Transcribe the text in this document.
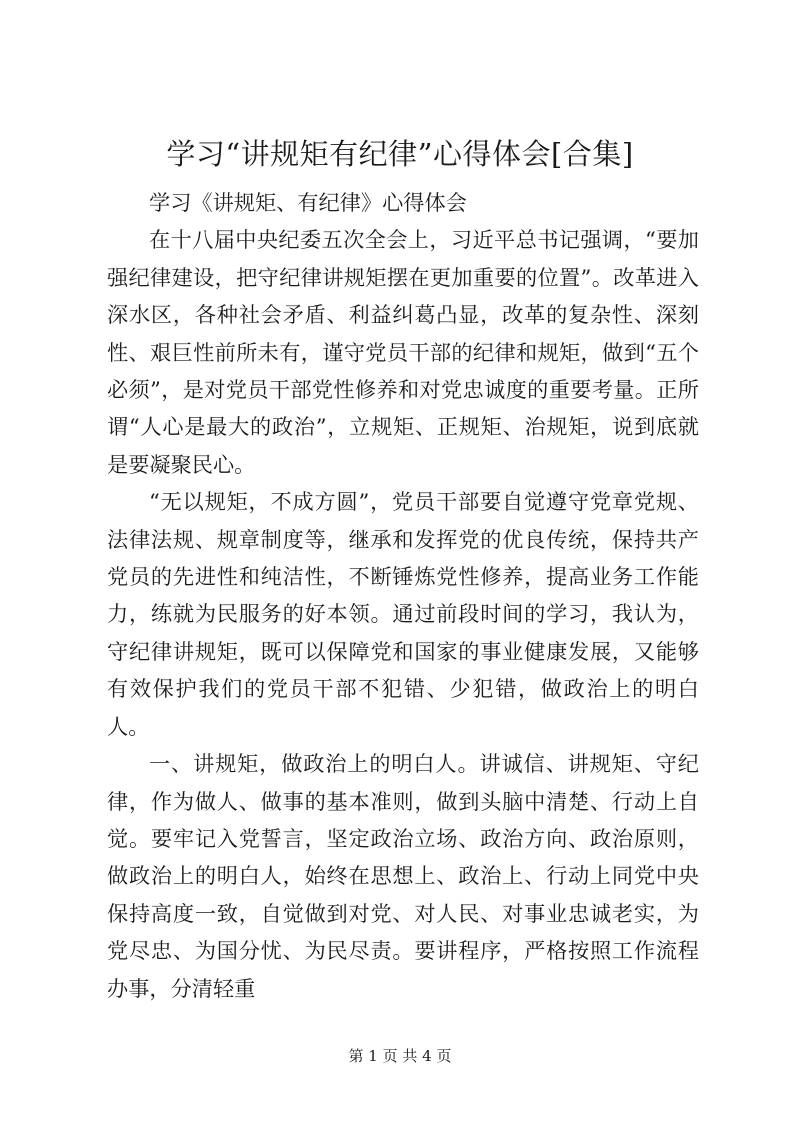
学习“讲规矩有纪律”心得体会[合集]

学习《讲规矩、有纪律》心得体会

在十八届中央纪委五次全会上，习近平总书记强调，“要加强纪律建设，把守纪律讲规矩摆在更加重要的位置”。改革进入深水区，各种社会矛盾、利益纠葛凸显，改革的复杂性、深刻性、艰巨性前所未有，谨守党员干部的纪律和规矩，做到“五个必须”，是对党员干部党性修养和对党忠诚度的重要考量。正所谓“人心是最大的政治”，立规矩、正规矩、治规矩，说到底就是要凝聚民心。

“无以规矩，不成方圆”，党员干部要自觉遵守党章党规、法律法规、规章制度等，继承和发挥党的优良传统，保持共产党员的先进性和纯洁性，不断锤炼党性修养，提高业务工作能力，练就为民服务的好本领。通过前段时间的学习，我认为，守纪律讲规矩，既可以保障党和国家的事业健康发展，又能够有效保护我们的党员干部不犯错、少犯错，做政治上的明白人。

一、讲规矩，做政治上的明白人。讲诚信、讲规矩、守纪律，作为做人、做事的基本准则，做到头脑中清楚、行动上自觉。要牢记入党誓言，坚定政治立场、政治方向、政治原则，做政治上的明白人，始终在思想上、政治上、行动上同党中央保持高度一致，自觉做到对党、对人民、对事业忠诚老实，为党尽忠、为国分忧、为民尽责。要讲程序，严格按照工作流程办事，分清轻重

第 1 页 共 4 页
